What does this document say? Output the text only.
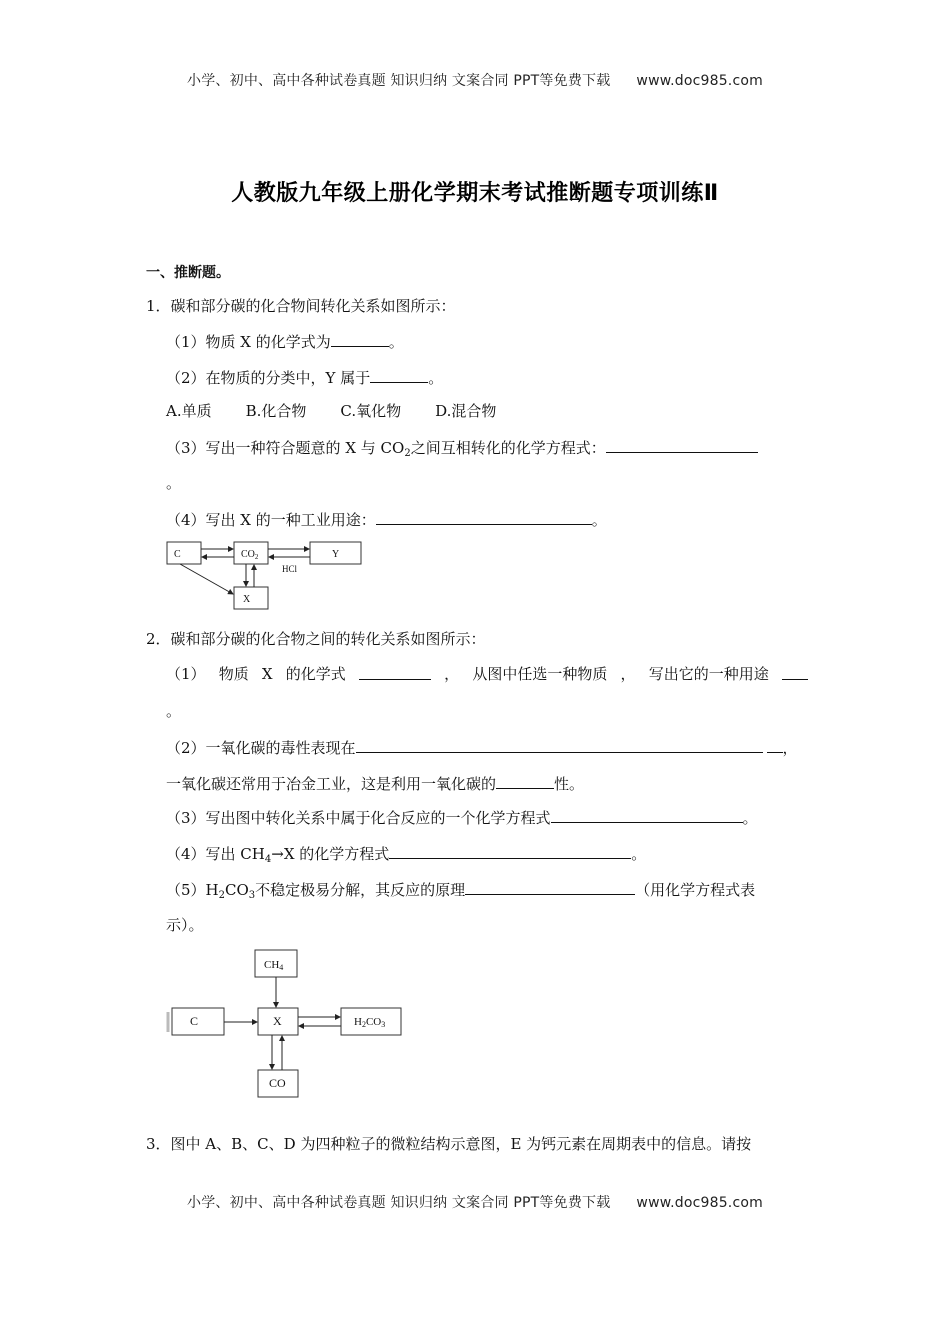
小学、初中、高中各种试卷真题 知识归纳 文案合同 PPT等免费下载 www.doc985.com
人教版九年级上册化学期末考试推断题专项训练Ⅱ
一、推断题。
1．碳和部分碳的化合物间转化关系如图所示：
（1）物质 X 的化学式为	。
（2）在物质的分类中，Y 属于	。
A.单质 B.化合物 C.氧化物 D.混合物
（3）写出一种符合题意的 X 与 $CO_2$之间互相转化的化学方程式：
。
（4）写出 X 的一种工业用途：	。
C	$CO_2$	Y
HCl
X
2．碳和部分碳的化合物之间的转化关系如图所示：
（1） 物质 X 的化学式	， 从图中任选一种物质 ， 写出它的一种用途
。
（2）一氧化碳的毒性表现在	，
一氧化碳还常用于冶金工业，这是利用一氧化碳的	性。
（3）写出图中转化关系中属于化合反应的一个化学方程式	。
（4）写出 $CH_4\to X$ 的化学方程式	。
$(5)H_2CO_3$不稳定极易分解，其反应的原理	（用化学方程式表
示）。
CH4
C	X	H2CO3
CO
3．图中 A、B、C、D 为四种粒子的微粒结构示意图，E 为钙元素在周期表中的信息。请按
小学、初中、高中各种试卷真题 知识归纳 文案合同 PPT等免费下载 www.doc985.com
